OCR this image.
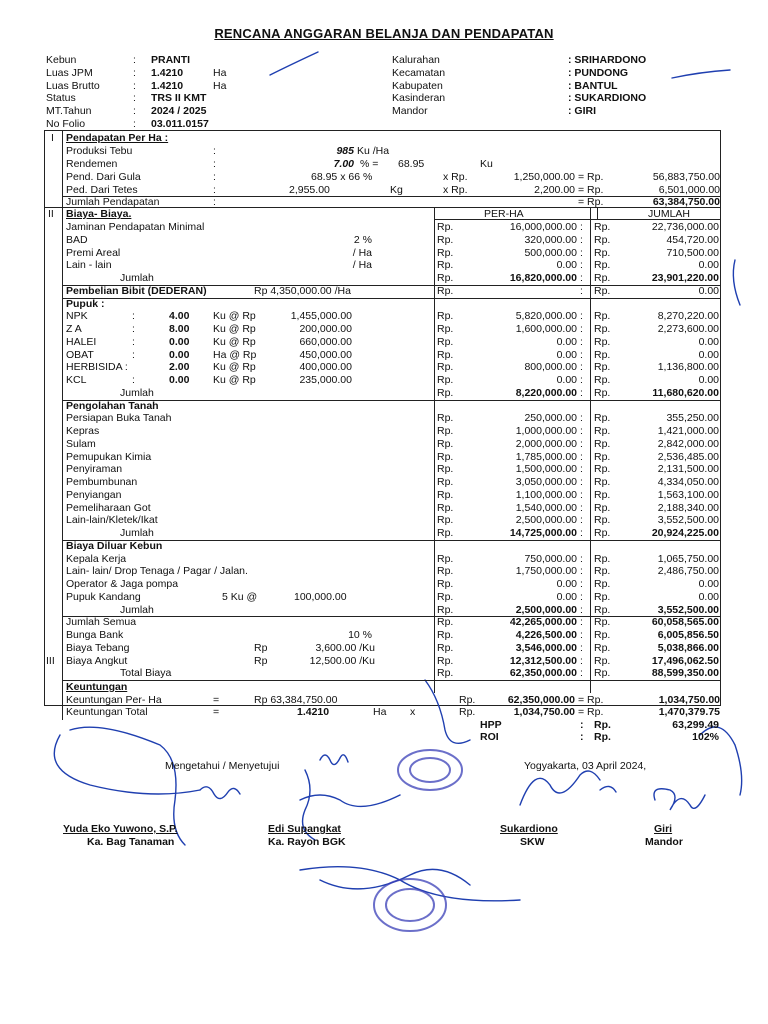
RENCANA ANGGARAN BELANJA DAN PENDAPATAN
Kebun	: PRANTI
Luas JPM	: 1.4210	Ha
Luas Brutto	: 1.4210	Ha
Status	: TRS II KMT
MT.Tahun	: 2024 / 2025
No Folio	: 03.011.0157
Kalurahan	: SRIHARDONO
Kecamatan	: PUNDONG
Kabupaten	: BANTUL
Kasinderan	: SUKARDIONO
Mandor	: GIRI
I Pendapatan Per Ha :
Produksi Tebu	:	985 Ku /Ha
Rendemen	:	7.00 % = 68.95	Ku
Pend. Dari Gula	:	68.95 x 66 %	x Rp.	1,250,000.00 = Rp.	56,883,750.00
Ped. Dari Tetes	:	2,955.00	Kg	x Rp.	2,200.00 = Rp.	6,501,000.00
Jumlah Pendapatan	:	= Rp.	63,384,750.00
II Biaya- Biaya.	PER-HA	JUMLAH
Jaminan Pendapatan Minimal	Rp.	16,000,000.00 : Rp.	22,736,000.00
BAD	2 %	Rp.	320,000.00 : Rp.	454,720.00
Premi Areal	/ Ha	Rp.	500,000.00 : Rp.	710,500.00
Lain - lain	/ Ha	Rp.	0.00 : Rp.	0.00
Jumlah	Rp.	16,820,000.00 : Rp.	23,901,220.00
Pembelian Bibit (DEDERAN)	Rp 4,350,000.00 /Ha	Rp.	: Rp.	0.00
Pupuk :
NPK	:	4.00 Ku @ Rp	1,455,000.00	Rp.	5,820,000.00 : Rp.	8,270,220.00
Z A	:	8.00 Ku @ Rp	200,000.00	Rp.	1,600,000.00 : Rp.	2,273,600.00
HALEI	:	0.00 Ku @ Rp	660,000.00	Rp.	0.00 : Rp.	0.00
OBAT	:	0.00 Ha @ Rp	450,000.00	Rp.	0.00 : Rp.	0.00
HERBISIDA :	2.00 Ku @ Rp	400,000.00	Rp.	800,000.00 : Rp.	1,136,800.00
KCL	:	0.00 Ku @ Rp	235,000.00	Rp.	0.00 : Rp.	0.00
Jumlah	Rp.	8,220,000.00 : Rp.	11,680,620.00
Pengolahan Tanah
Persiapan Buka Tanah	Rp.	250,000.00 : Rp.	355,250.00
Kepras	Rp.	1,000,000.00 : Rp.	1,421,000.00
Sulam	Rp.	2,000,000.00 : Rp.	2,842,000.00
Pemupukan Kimia	Rp.	1,785,000.00 : Rp.	2,536,485.00
Penyiraman	Rp.	1,500,000.00 : Rp.	2,131,500.00
Pembumbunan	Rp.	3,050,000.00 : Rp.	4,334,050.00
Penyiangan	Rp.	1,100,000.00 : Rp.	1,563,100.00
Pemeliharaan Got	Rp.	1,540,000.00 : Rp.	2,188,340.00
Lain-lain/Kletek/Ikat	Rp.	2,500,000.00 : Rp.	3,552,500.00
Jumlah	Rp.	14,725,000.00 : Rp.	20,924,225.00
Biaya Diluar Kebun
Kepala Kerja	Rp.	750,000.00 : Rp.	1,065,750.00
Lain- lain/ Drop Tenaga / Pagar / Jalan.	Rp.	1,750,000.00 : Rp.	2,486,750.00
Operator & Jaga pompa	Rp.	0.00 : Rp.	0.00
Pupuk Kandang	5 Ku @	100,000.00	Rp.	0.00 : Rp.	0.00
Jumlah	Rp.	2,500,000.00 : Rp.	3,552,500.00
Jumlah Semua	Rp.	42,265,000.00 : Rp.	60,058,565.00
Bunga Bank	10 %	Rp.	4,226,500.00 : Rp.	6,005,856.50
Biaya Tebang	Rp	3,600.00 /Ku	Rp.	3,546,000.00 : Rp.	5,038,866.00
III Biaya Angkut	Rp	12,500.00 /Ku	Rp.	12,312,500.00 : Rp.	17,496,062.50
Total Biaya	Rp.	62,350,000.00 : Rp.	88,599,350.00
Keuntungan
Keuntungan Per- Ha	=	Rp 63,384,750.00	Rp.	62,350,000.00 = Rp.	1,034,750.00
Keuntungan Total	=	1.4210	Ha x	Rp.	1,034,750.00 = Rp.	1,470,379.75
HPP	: Rp.	63,299.49
ROI	: Rp.	102%
Mengetahui / Menyetujui	Yogyakarta, 03 April 2024,
Yuda Eko Yuwono, S.P.
Ka. Bag Tanaman
Edi Supangkat
Ka. Rayon BGK
Sukardiono
SKW
Giri
Mandor
